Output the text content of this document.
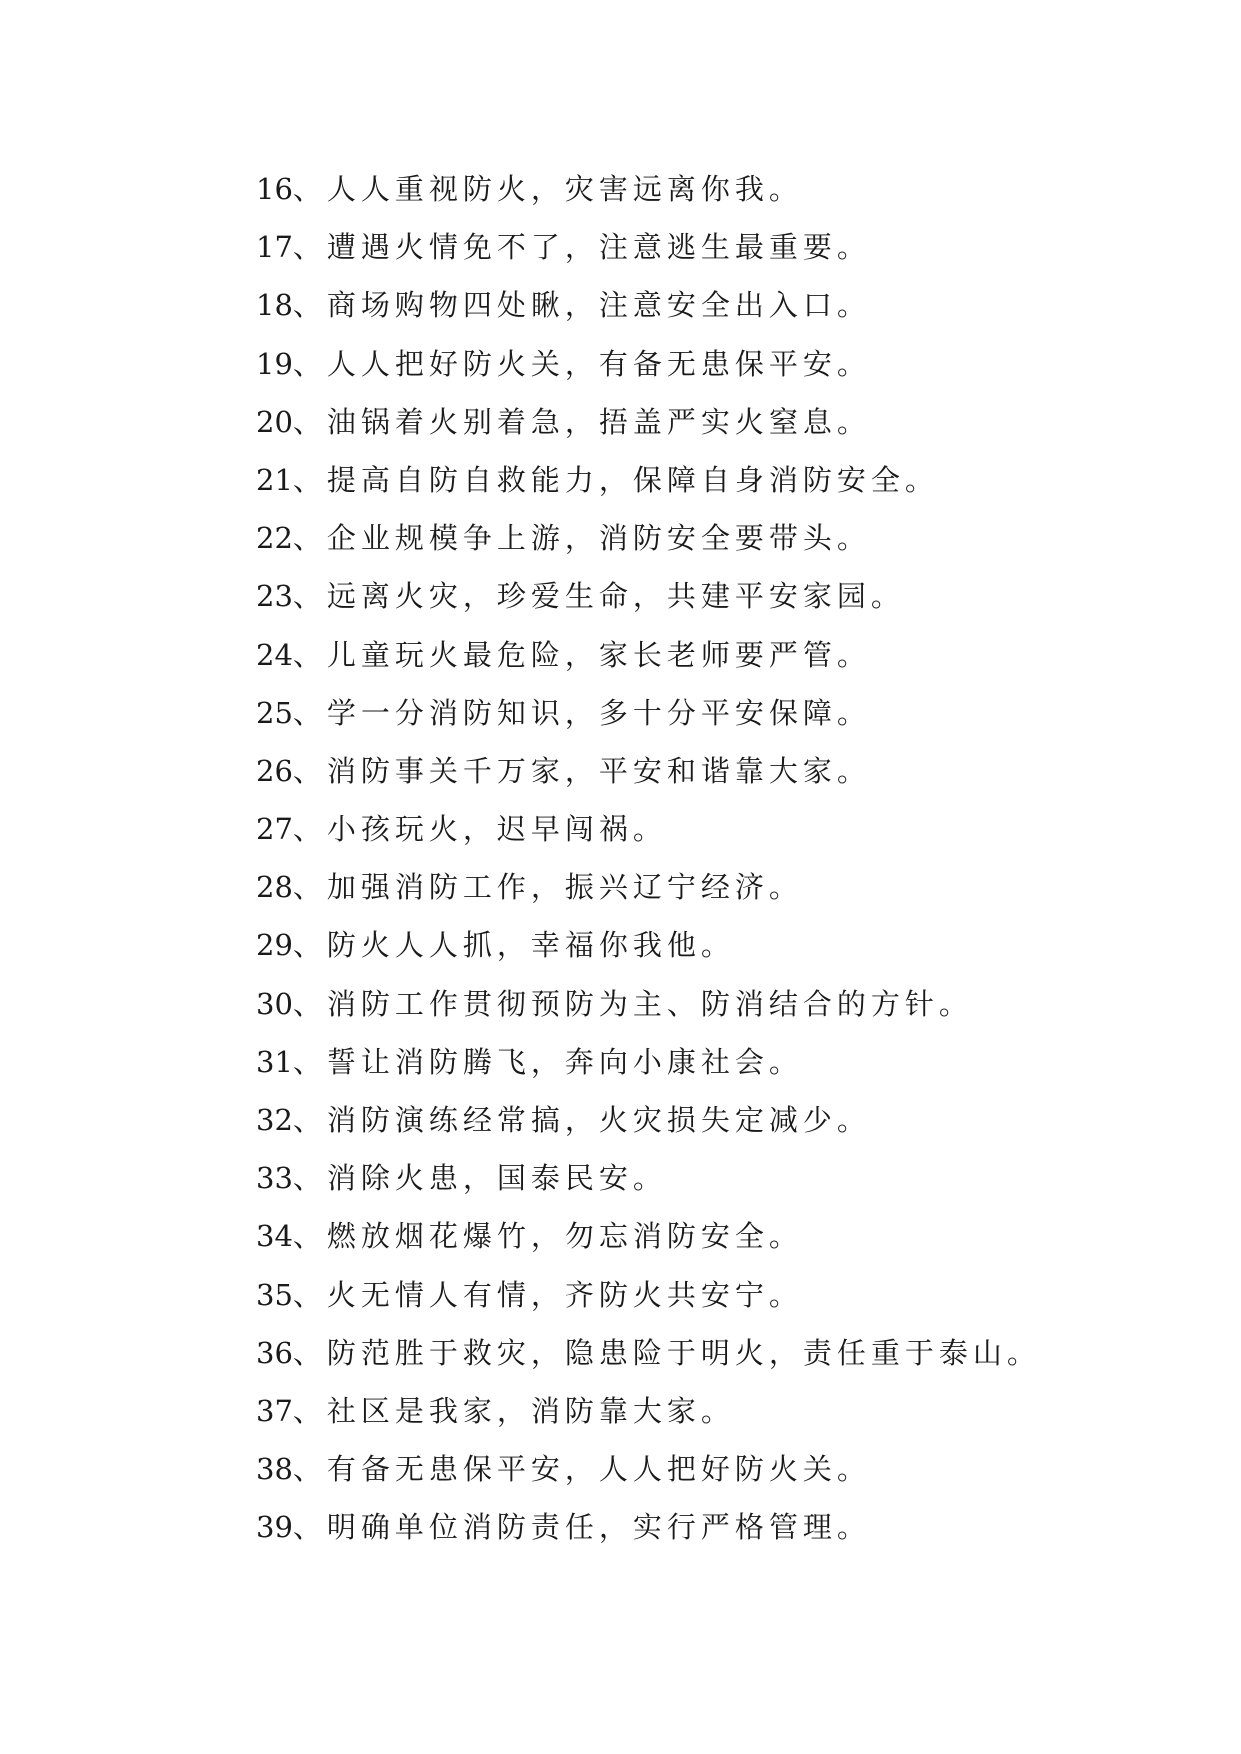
16、人人重视防火，灾害远离你我。
17、遭遇火情免不了，注意逃生最重要。
18、商场购物四处瞅，注意安全出入口。
19、人人把好防火关，有备无患保平安。
20、油锅着火别着急，捂盖严实火窒息。
21、提高自防自救能力，保障自身消防安全。
22、企业规模争上游，消防安全要带头。
23、远离火灾，珍爱生命，共建平安家园。
24、儿童玩火最危险，家长老师要严管。
25、学一分消防知识，多十分平安保障。
26、消防事关千万家，平安和谐靠大家。
27、小孩玩火，迟早闯祸。
28、加强消防工作，振兴辽宁经济。
29、防火人人抓，幸福你我他。
30、消防工作贯彻预防为主、防消结合的方针。
31、誓让消防腾飞，奔向小康社会。
32、消防演练经常搞，火灾损失定减少。
33、消除火患，国泰民安。
34、燃放烟花爆竹，勿忘消防安全。
35、火无情人有情，齐防火共安宁。
36、防范胜于救灾，隐患险于明火，责任重于泰山。
37、社区是我家，消防靠大家。
38、有备无患保平安，人人把好防火关。
39、明确单位消防责任，实行严格管理。
